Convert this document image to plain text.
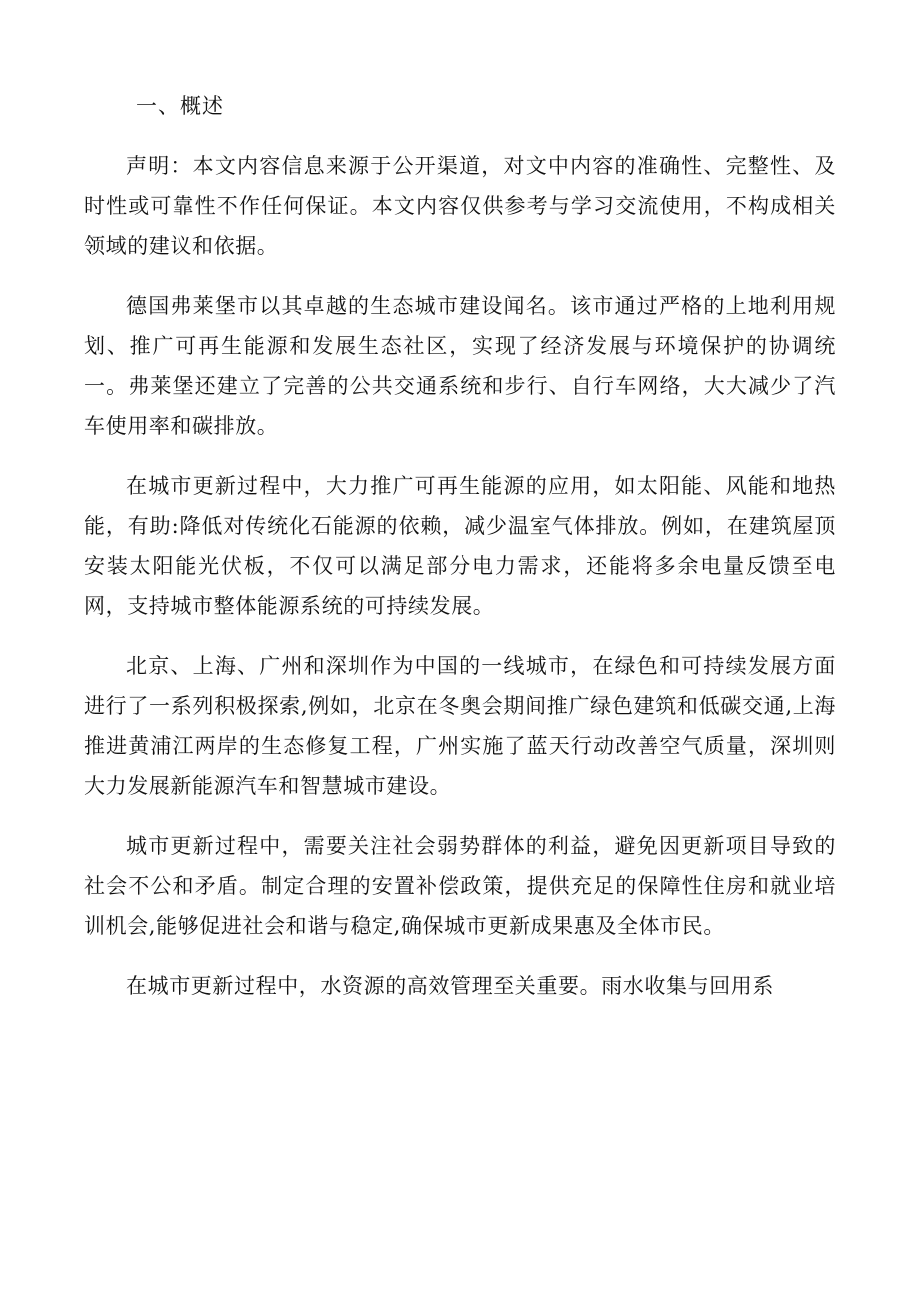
一、概述

声明：本文内容信息来源于公开渠道，对文中内容的准确性、完整性、及时性或可靠性不作任何保证。本文内容仅供参考与学习交流使用，不构成相关领域的建议和依据。

德国弗莱堡市以其卓越的生态城市建设闻名。该市通过严格的上地利用规划、推广可再生能源和发展生态社区，实现了经济发展与环境保护的协调统一。弗莱堡还建立了完善的公共交通系统和步行、自行车网络，大大减少了汽车使用率和碳排放。

在城市更新过程中，大力推广可再生能源的应用，如太阳能、风能和地热能，有助:降低对传统化石能源的依赖，减少温室气体排放。例如，在建筑屋顶安装太阳能光伏板，不仅可以满足部分电力需求，还能将多余电量反馈至电网，支持城市整体能源系统的可持续发展。

北京、上海、广州和深圳作为中国的一线城市，在绿色和可持续发展方面进行了一系列积极探索,例如，北京在冬奥会期间推广绿色建筑和低碳交通,上海推进黄浦江两岸的生态修复工程，广州实施了蓝天行动改善空气质量，深圳则大力发展新能源汽车和智慧城市建设。

城市更新过程中，需要关注社会弱势群体的利益，避免因更新项目导致的社会不公和矛盾。制定合理的安置补偿政策，提供充足的保障性住房和就业培训机会,能够促进社会和谐与稳定,确保城市更新成果惠及全体市民。

在城市更新过程中，水资源的高效管理至关重要。雨水收集与回用系
